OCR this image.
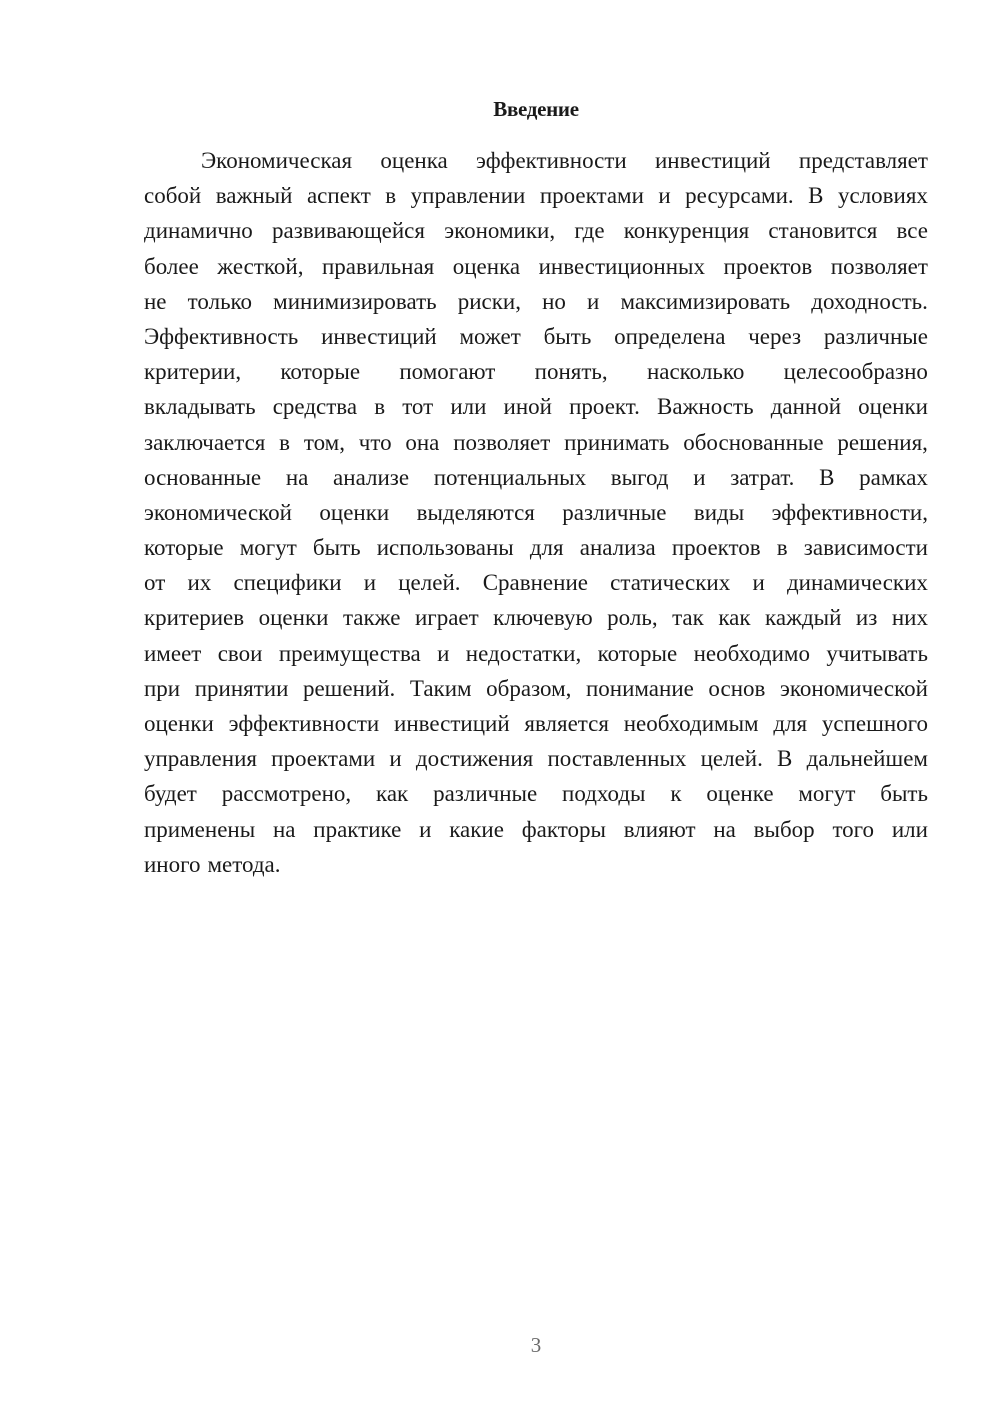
Введение
Экономическая оценка эффективности инвестиций представляет
собой важный аспект в управлении проектами и ресурсами. В условиях
динамично развивающейся экономики, где конкуренция становится все
более жесткой, правильная оценка инвестиционных проектов позволяет
не только минимизировать риски, но и максимизировать доходность.
Эффективность инвестиций может быть определена через различные
критерии, которые помогают понять, насколько целесообразно
вкладывать средства в тот или иной проект. Важность данной оценки
заключается в том, что она позволяет принимать обоснованные решения,
основанные на анализе потенциальных выгод и затрат. В рамках
экономической оценки выделяются различные виды эффективности,
которые могут быть использованы для анализа проектов в зависимости
от их специфики и целей. Сравнение статических и динамических
критериев оценки также играет ключевую роль, так как каждый из них
имеет свои преимущества и недостатки, которые необходимо учитывать
при принятии решений. Таким образом, понимание основ экономической
оценки эффективности инвестиций является необходимым для успешного
управления проектами и достижения поставленных целей. В дальнейшем
будет рассмотрено, как различные подходы к оценке могут быть
применены на практике и какие факторы влияют на выбор того или
иного метода.
3
